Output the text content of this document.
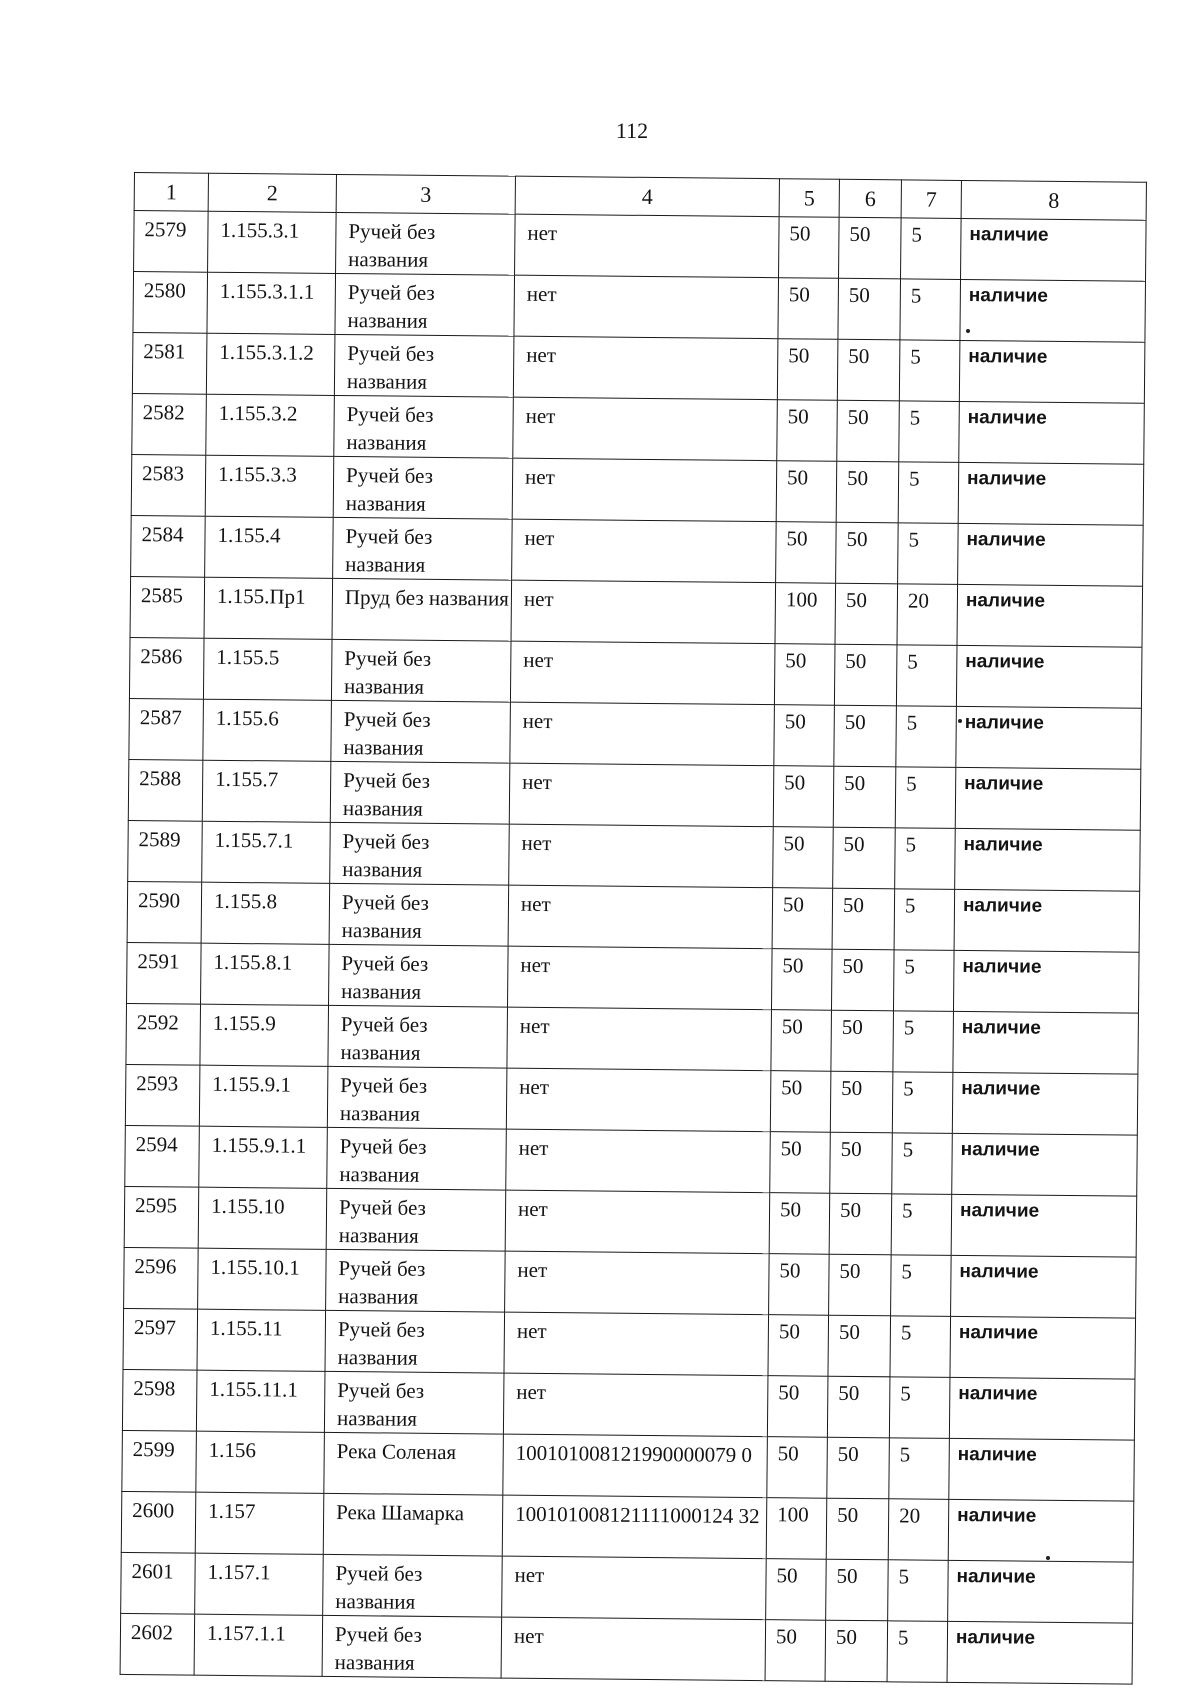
112
1	2	3	4	5	6	7	8
2579	1.155.3.1	Ручей без названия	нет	50	50	5	наличие
2580	1.155.3.1.1	Ручей без названия	нет	50	50	5	наличие
2581	1.155.3.1.2	Ручей без названия	нет	50	50	5	наличие
2582	1.155.3.2	Ручей без названия	нет	50	50	5	наличие
2583	1.155.3.3	Ручей без названия	нет	50	50	5	наличие
2584	1.155.4	Ручей без названия	нет	50	50	5	наличие
2585	1.155.Пр1	Пруд без названия	нет	100	50	20	наличие
2586	1.155.5	Ручей без названия	нет	50	50	5	наличие
2587	1.155.6	Ручей без названия	нет	50	50	5	наличие
2588	1.155.7	Ручей без названия	нет	50	50	5	наличие
2589	1.155.7.1	Ручей без названия	нет	50	50	5	наличие
2590	1.155.8	Ручей без названия	нет	50	50	5	наличие
2591	1.155.8.1	Ручей без названия	нет	50	50	5	наличие
2592	1.155.9	Ручей без названия	нет	50	50	5	наличие
2593	1.155.9.1	Ручей без названия	нет	50	50	5	наличие
2594	1.155.9.1.1	Ручей без названия	нет	50	50	5	наличие
2595	1.155.10	Ручей без названия	нет	50	50	5	наличие
2596	1.155.10.1	Ручей без названия	нет	50	50	5	наличие
2597	1.155.11	Ручей без названия	нет	50	50	5	наличие
2598	1.155.11.1	Ручей без названия	нет	50	50	5	наличие
2599	1.156	Река Соленая	100101008121990000079 0	50	50	5	наличие
2600	1.157	Река Шамарка	100101008121111000124 32	100	50	20	наличие
2601	1.157.1	Ручей без названия	нет	50	50	5	наличие
2602	1.157.1.1	Ручей без названия	нет	50	50	5	наличие
